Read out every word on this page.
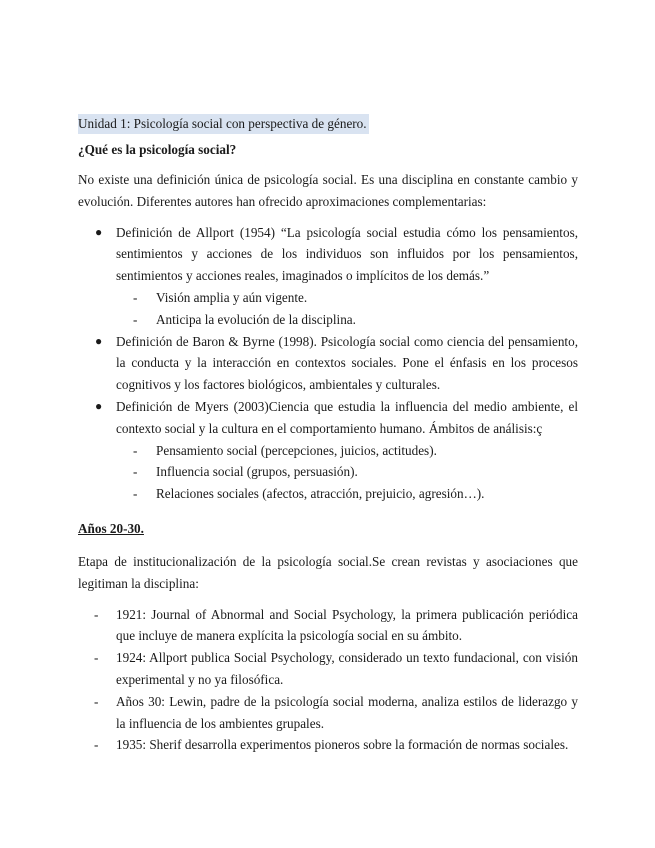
Unidad 1: Psicología social con perspectiva de género.
¿Qué es la psicología social?

No existe una definición única de psicología social. Es una disciplina en constante cambio y evolución. Diferentes autores han ofrecido aproximaciones complementarias:

● Definición de Allport (1954) “La psicología social estudia cómo los pensamientos, sentimientos y acciones de los individuos son influidos por los pensamientos, sentimientos y acciones reales, imaginados o implícitos de los demás.”
- Visión amplia y aún vigente.
- Anticipa la evolución de la disciplina.
● Definición de Baron & Byrne (1998). Psicología social como ciencia del pensamiento, la conducta y la interacción en contextos sociales. Pone el énfasis en los procesos cognitivos y los factores biológicos, ambientales y culturales.
● Definición de Myers (2003)Ciencia que estudia la influencia del medio ambiente, el contexto social y la cultura en el comportamiento humano. Ámbitos de análisis:ç
- Pensamiento social (percepciones, juicios, actitudes).
- Influencia social (grupos, persuasión).
- Relaciones sociales (afectos, atracción, prejuicio, agresión…).
Años 20-30.

Etapa de institucionalización de la psicología social.Se crean revistas y asociaciones que legitiman la disciplina:

- 1921: Journal of Abnormal and Social Psychology, la primera publicación periódica que incluye de manera explícita la psicología social en su ámbito.
- 1924: Allport publica Social Psychology, considerado un texto fundacional, con visión experimental y no ya filosófica.
- Años 30: Lewin, padre de la psicología social moderna, analiza estilos de liderazgo y la influencia de los ambientes grupales.
- 1935: Sherif desarrolla experimentos pioneros sobre la formación de normas sociales.
